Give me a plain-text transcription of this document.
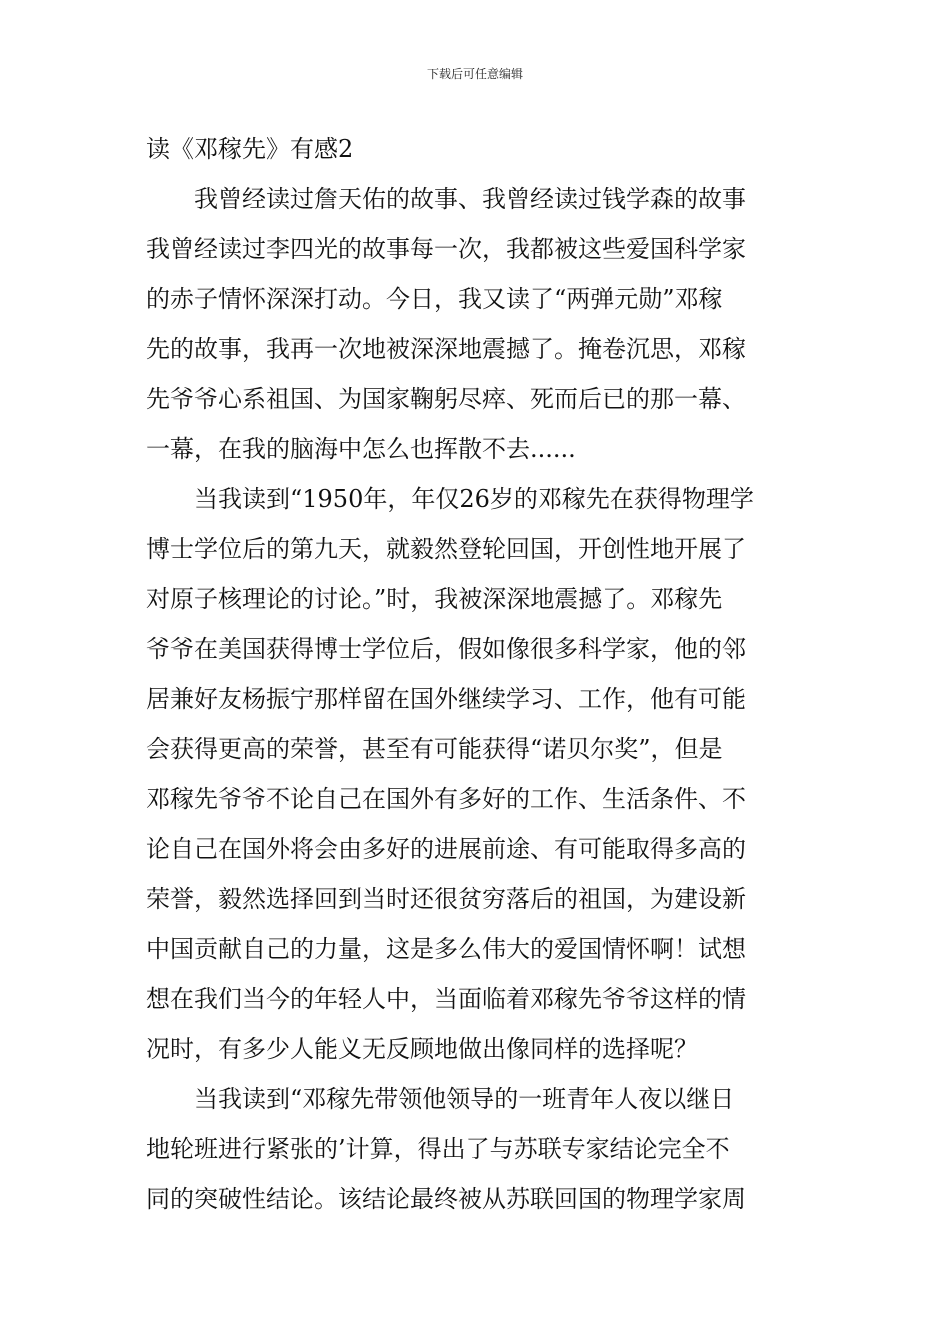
下载后可任意编辑
读《邓稼先》有感2
　　我曾经读过詹天佑的故事、我曾经读过钱学森的故事
我曾经读过李四光的故事每一次，我都被这些爱国科学家
的赤子情怀深深打动。今日，我又读了“两弹元勋”邓稼
先的故事，我再一次地被深深地震撼了。掩卷沉思，邓稼
先爷爷心系祖国、为国家鞠躬尽瘁、死而后已的那一幕、
一幕，在我的脑海中怎么也挥散不去......
　　当我读到“1950年，年仅26岁的邓稼先在获得物理学
博士学位后的第九天，就毅然登轮回国，开创性地开展了
对原子核理论的讨论。”时，我被深深地震撼了。邓稼先
爷爷在美国获得博士学位后，假如像很多科学家，他的邻
居兼好友杨振宁那样留在国外继续学习、工作，他有可能
会获得更高的荣誉，甚至有可能获得“诺贝尔奖”，但是
邓稼先爷爷不论自己在国外有多好的工作、生活条件、不
论自己在国外将会由多好的进展前途、有可能取得多高的
荣誉，毅然选择回到当时还很贫穷落后的祖国，为建设新
中国贡献自己的力量，这是多么伟大的爱国情怀啊！试想
想在我们当今的年轻人中，当面临着邓稼先爷爷这样的情
况时，有多少人能义无反顾地做出像同样的选择呢？
　　当我读到“邓稼先带领他领导的一班青年人夜以继日
地轮班进行紧张的’计算，得出了与苏联专家结论完全不
同的突破性结论。该结论最终被从苏联回国的物理学家周
